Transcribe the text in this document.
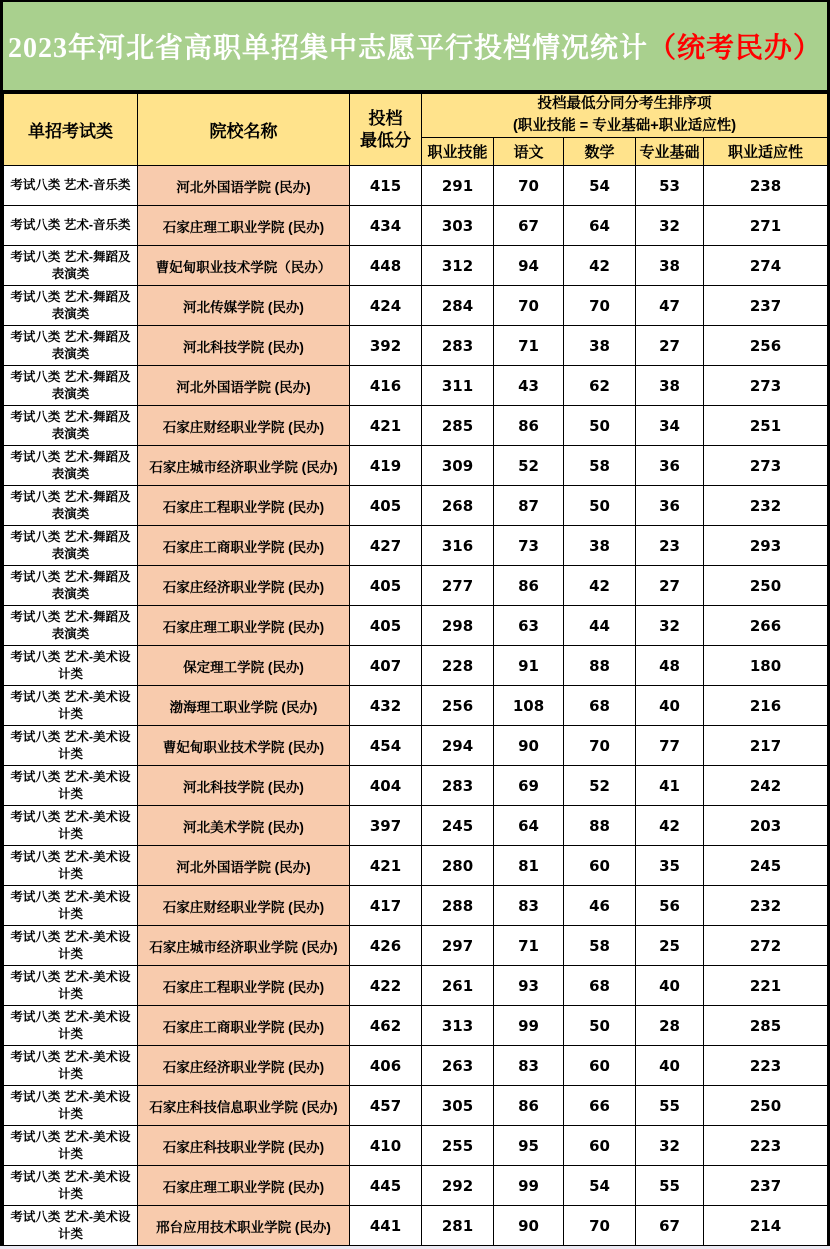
2023年河北省高职单招集中志愿平行投档情况统计（统考民办）
单招考试类	院校名称	
投档
最低分

投档最低分同分考生排序项
(职业技能 = 专业基础+职业适应性)

			职业技能	语文	数学	专业基础	职业适应性
考试八类 艺术-音乐类	河北外国语学院 (民办)	415	291	70	54	53	238
考试八类 艺术-音乐类	石家庄理工职业学院 (民办)	434	303	67	64	32	271
考试八类 艺术-舞蹈及表演类	曹妃甸职业技术学院（民办）	448	312	94	42	38	274
考试八类 艺术-舞蹈及表演类	河北传媒学院 (民办)	424	284	70	70	47	237
考试八类 艺术-舞蹈及表演类	河北科技学院 (民办)	392	283	71	38	27	256
考试八类 艺术-舞蹈及表演类	河北外国语学院 (民办)	416	311	43	62	38	273
考试八类 艺术-舞蹈及表演类	石家庄财经职业学院 (民办)	421	285	86	50	34	251
考试八类 艺术-舞蹈及表演类	石家庄城市经济职业学院 (民办)	419	309	52	58	36	273
考试八类 艺术-舞蹈及表演类	石家庄工程职业学院 (民办)	405	268	87	50	36	232
考试八类 艺术-舞蹈及表演类	石家庄工商职业学院 (民办)	427	316	73	38	23	293
考试八类 艺术-舞蹈及表演类	石家庄经济职业学院 (民办)	405	277	86	42	27	250
考试八类 艺术-舞蹈及表演类	石家庄理工职业学院 (民办)	405	298	63	44	32	266
考试八类 艺术-美术设计类	保定理工学院 (民办)	407	228	91	88	48	180
考试八类 艺术-美术设计类	渤海理工职业学院 (民办)	432	256	108	68	40	216
考试八类 艺术-美术设计类	曹妃甸职业技术学院 (民办)	454	294	90	70	77	217
考试八类 艺术-美术设计类	河北科技学院 (民办)	404	283	69	52	41	242
考试八类 艺术-美术设计类	河北美术学院 (民办)	397	245	64	88	42	203
考试八类 艺术-美术设计类	河北外国语学院 (民办)	421	280	81	60	35	245
考试八类 艺术-美术设计类	石家庄财经职业学院 (民办)	417	288	83	46	56	232
考试八类 艺术-美术设计类	石家庄城市经济职业学院 (民办)	426	297	71	58	25	272
考试八类 艺术-美术设计类	石家庄工程职业学院 (民办)	422	261	93	68	40	221
考试八类 艺术-美术设计类	石家庄工商职业学院 (民办)	462	313	99	50	28	285
考试八类 艺术-美术设计类	石家庄经济职业学院 (民办)	406	263	83	60	40	223
考试八类 艺术-美术设计类	石家庄科技信息职业学院 (民办)	457	305	86	66	55	250
考试八类 艺术-美术设计类	石家庄科技职业学院 (民办)	410	255	95	60	32	223
考试八类 艺术-美术设计类	石家庄理工职业学院 (民办)	445	292	99	54	55	237
考试八类 艺术-美术设计类	邢台应用技术职业学院 (民办)	441	281	90	70	67	214
